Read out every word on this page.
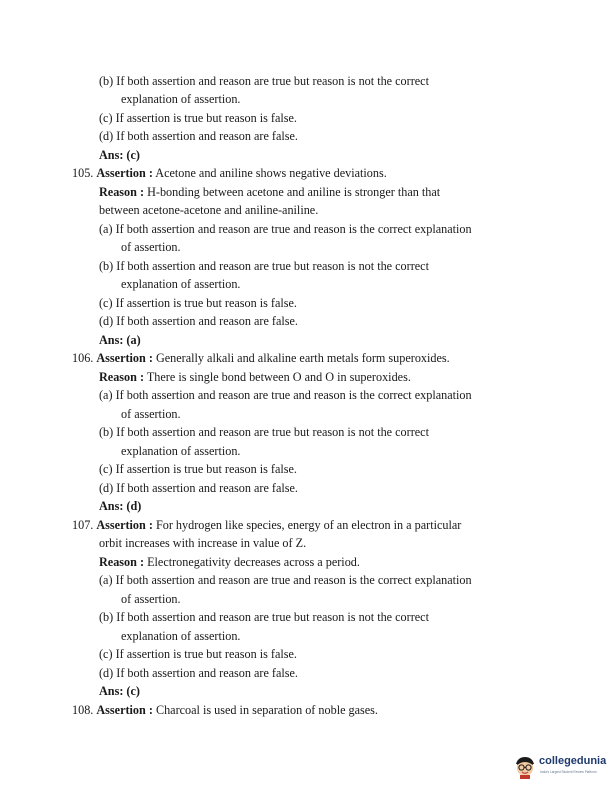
(b) If both assertion and reason are true but reason is not the correct
explanation of assertion.
(c) If assertion is true but reason is false.
(d) If both assertion and reason are false.
Ans: (c)
105. Assertion : Acetone and aniline shows negative deviations.
Reason : H-bonding between acetone and aniline is stronger than that
between acetone-acetone and aniline-aniline.
(a) If both assertion and reason are true and reason is the correct explanation
of assertion.
(b) If both assertion and reason are true but reason is not the correct
explanation of assertion.
(c) If assertion is true but reason is false.
(d) If both assertion and reason are false.
Ans: (a)
106. Assertion : Generally alkali and alkaline earth metals form superoxides.
Reason : There is single bond between O and O in superoxides.
(a) If both assertion and reason are true and reason is the correct explanation
of assertion.
(b) If both assertion and reason are true but reason is not the correct
explanation of assertion.
(c) If assertion is true but reason is false.
(d) If both assertion and reason are false.
Ans: (d)
107. Assertion : For hydrogen like species, energy of an electron in a particular
orbit increases with increase in value of Z.
Reason : Electronegativity decreases across a period.
(a) If both assertion and reason are true and reason is the correct explanation
of assertion.
(b) If both assertion and reason are true but reason is not the correct
explanation of assertion.
(c) If assertion is true but reason is false.
(d) If both assertion and reason are false.
Ans: (c)
108. Assertion : Charcoal is used in separation of noble gases.
collegedunia
India's Largest Student Review Platform
